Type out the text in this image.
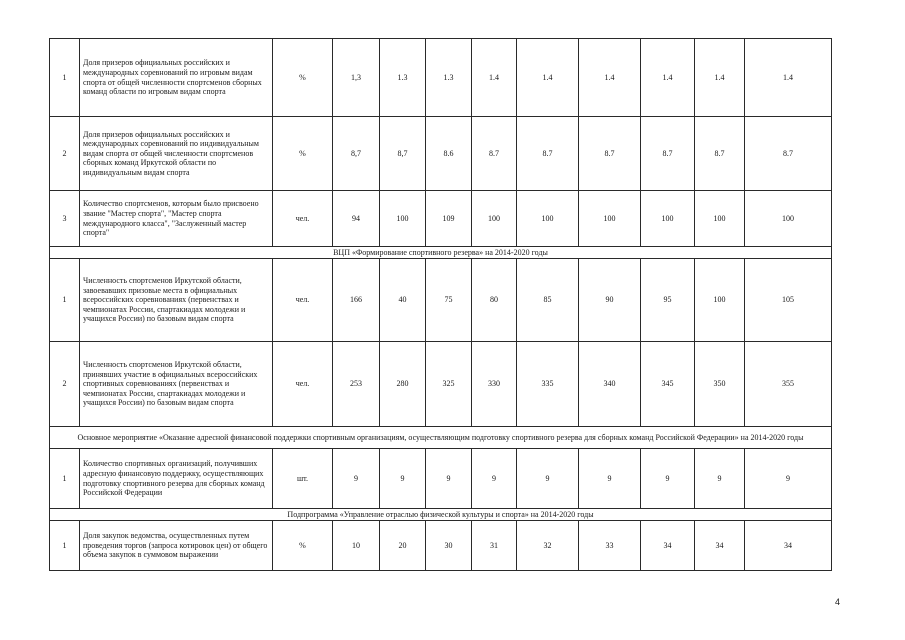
1	Доля призеров официальных российских и международных соревнований по игровым видам спорта от общей численности спортсменов сборных команд области по игровым видам спорта	%	1,3	1.3	1.3	1.4	1.4	1.4	1.4	1.4	1.4
2	Доля призеров официальных российских и международных соревнований по индивидуальным видам спорта от общей численности спортсменов сборных команд Иркутской области по индивидуальным видам спорта	%	8,7	8,7	8.6	8.7	8.7	8.7	8.7	8.7	8.7
3	Количество спортсменов, которым было присвоено звание "Мастер спорта", "Мастер спорта международного класса", "Заслуженный мастер спорта"	чел.	94	100	109	100	100	100	100	100	100
ВЦП «Формирование спортивного резерва» на 2014-2020 годы											
1	Численность спортсменов Иркутской области, завоевавших призовые места в официальных всероссийских соревнованиях (первенствах и чемпионатах России, спартакиадах молодежи и учащихся России) по базовым видам спорта	чел.	166	40	75	80	85	90	95	100	105
2	Численность спортсменов Иркутской области, принявших участие в официальных всероссийских спортивных соревнованиях (первенствах и чемпионатах России, спартакиадах молодежи и учащихся России) по базовым видам спорта	чел.	253	280	325	330	335	340	345	350	355
Основное мероприятие «Оказание адресной финансовой поддержки спортивным организациям, осуществляющим подготовку спортивного резерва для сборных команд Российской Федерации» на 2014-2020 годы											
1	Количество спортивных организаций, получивших адресную финансовую поддержку, осуществляющих подготовку спортивного резерва для сборных команд Российской Федерации	шт.	9	9	9	9	9	9	9	9	9
Подпрограмма «Управление отраслью физической культуры и спорта» на 2014-2020 годы											
1	Доля закупок ведомства, осуществленных путем проведения торгов (запроса котировок цен) от общего объема закупок в суммовом выражении	%	10	20	30	31	32	33	34	34	34
4
